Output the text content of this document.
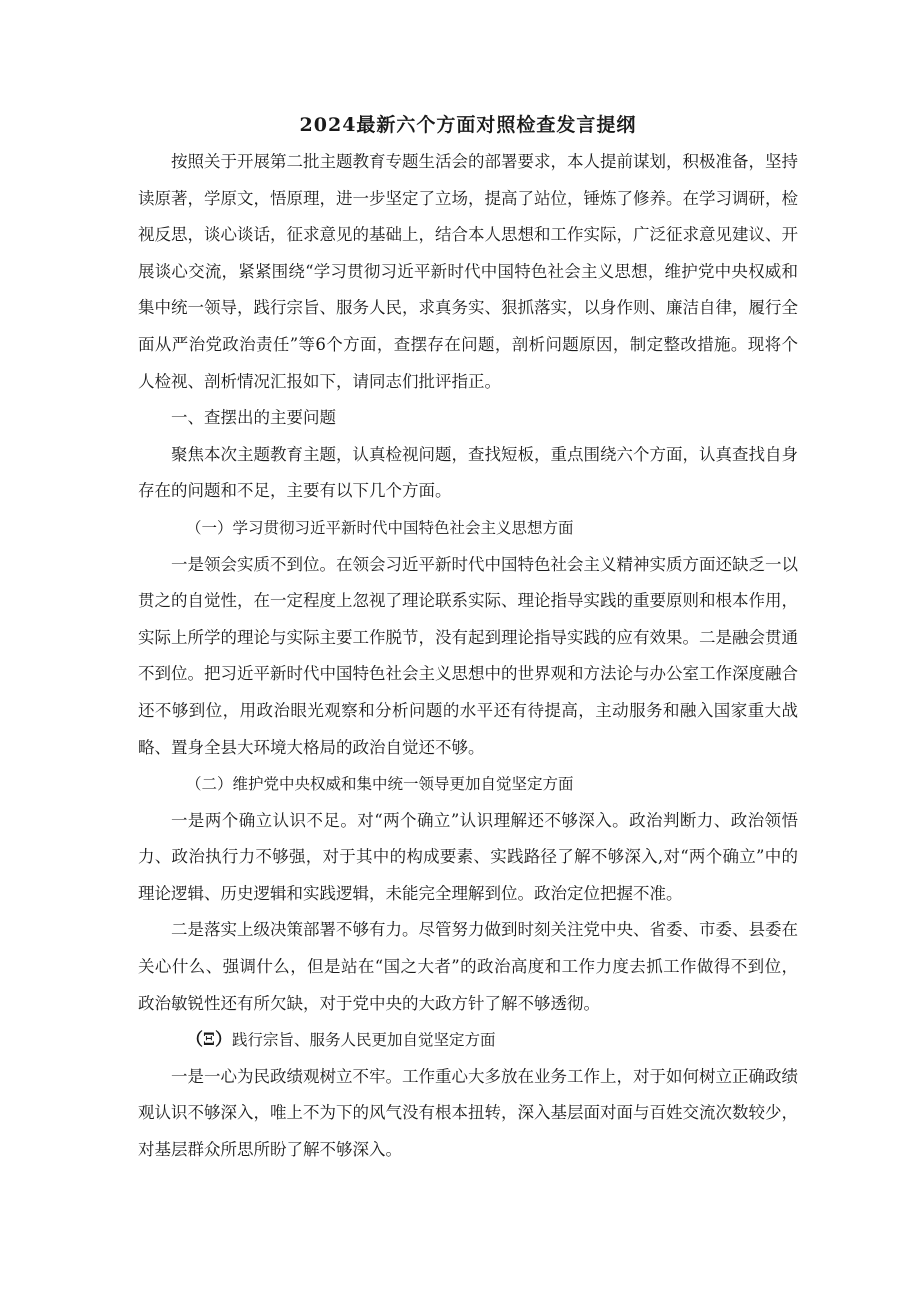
2024最新六个方面对照检查发言提纲

按照关于开展第二批主题教育专题生活会的部署要求，本人提前谋划，积极准备，坚持读原著，学原文，悟原理，进一步坚定了立场，提高了站位，锤炼了修养。在学习调研，检视反思，谈心谈话，征求意见的基础上，结合本人思想和工作实际，广泛征求意见建议、开展谈心交流，紧紧围绕“学习贯彻习近平新时代中国特色社会主义思想，维护党中央权威和集中统一领导，践行宗旨、服务人民，求真务实、狠抓落实，以身作则、廉洁自律，履行全面从严治党政治责任”等6个方面，查摆存在问题，剖析问题原因，制定整改措施。现将个人检视、剖析情况汇报如下，请同志们批评指正。

一、查摆出的主要问题

聚焦本次主题教育主题，认真检视问题，查找短板，重点围绕六个方面，认真查找自身存在的问题和不足，主要有以下几个方面。

（一）学习贯彻习近平新时代中国特色社会主义思想方面

一是领会实质不到位。在领会习近平新时代中国特色社会主义精神实质方面还缺乏一以贯之的自觉性，在一定程度上忽视了理论联系实际、理论指导实践的重要原则和根本作用，实际上所学的理论与实际主要工作脱节，没有起到理论指导实践的应有效果。二是融会贯通不到位。把习近平新时代中国特色社会主义思想中的世界观和方法论与办公室工作深度融合还不够到位，用政治眼光观察和分析问题的水平还有待提高，主动服务和融入国家重大战略、置身全县大环境大格局的政治自觉还不够。

（二）维护党中央权威和集中统一领导更加自觉坚定方面

一是两个确立认识不足。对“两个确立”认识理解还不够深入。政治判断力、政治领悟力、政治执行力不够强，对于其中的构成要素、实践路径了解不够深入,对“两个确立”中的理论逻辑、历史逻辑和实践逻辑，未能完全理解到位。政治定位把握不准。

二是落实上级决策部署不够有力。尽管努力做到时刻关注党中央、省委、市委、县委在关心什么、强调什么，但是站在“国之大者”的政治高度和工作力度去抓工作做得不到位，政治敏锐性还有所欠缺，对于党中央的大政方针了解不够透彻。

（Ξ）践行宗旨、服务人民更加自觉坚定方面

一是一心为民政绩观树立不牢。工作重心大多放在业务工作上，对于如何树立正确政绩观认识不够深入，唯上不为下的风气没有根本扭转，深入基层面对面与百姓交流次数较少，对基层群众所思所盼了解不够深入。
